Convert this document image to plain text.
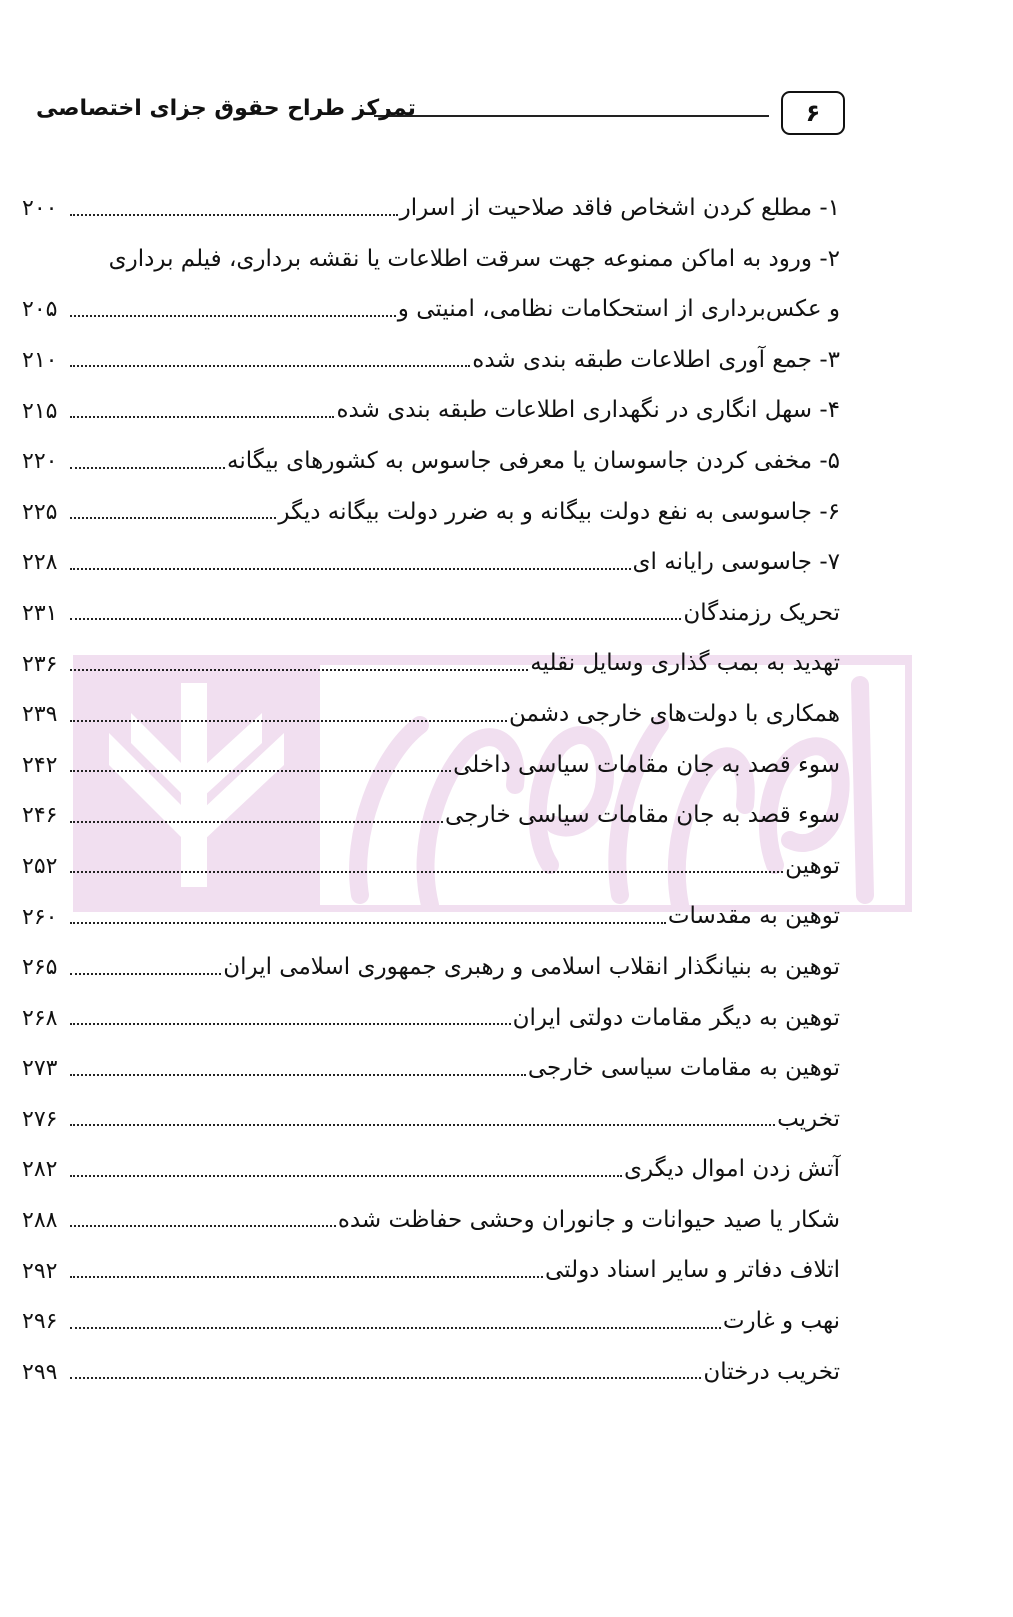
۶
تمرکز طراح حقوق جزای اختصاصی
۱- مطلع کردن اشخاص فاقد صلاحیت از اسرار
۲۰۰
۲- ورود به اماکن ممنوعه جهت سرقت اطلاعات یا نقشه برداری، فیلم برداری
و عکس‌برداری از استحکامات نظامی، امنیتی و
۲۰۵
۳- جمع آوری اطلاعات طبقه بندی شده
۲۱۰
۴- سهل انگاری در نگهداری اطلاعات طبقه بندی شده
۲۱۵
۵- مخفی کردن جاسوسان یا معرفی جاسوس به کشورهای بیگانه
۲۲۰
۶- جاسوسی به نفع دولت بیگانه و به ضرر دولت بیگانه دیگر
۲۲۵
۷- جاسوسی رایانه ای
۲۲۸
تحریک رزمندگان
۲۳۱
تهدید به بمب گذاری وسایل نقلیه
۲۳۶
همکاری با دولت‌های خارجی دشمن
۲۳۹
سوء قصد به جان مقامات سیاسی داخلی
۲۴۲
سوء قصد به جان مقامات سیاسی خارجی
۲۴۶
توهین
۲۵۲
توهین به مقدسات
۲۶۰
توهین به بنیانگذار انقلاب اسلامی و رهبری جمهوری اسلامی ایران
۲۶۵
توهین به دیگر مقامات دولتی ایران
۲۶۸
توهین به مقامات سیاسی خارجی
۲۷۳
تخریب
۲۷۶
آتش زدن اموال دیگری
۲۸۲
شکار یا صید حیوانات و جانوران وحشی حفاظت شده
۲۸۸
اتلاف دفاتر و سایر اسناد دولتی
۲۹۲
نهب و غارت
۲۹۶
تخریب درختان
۲۹۹
